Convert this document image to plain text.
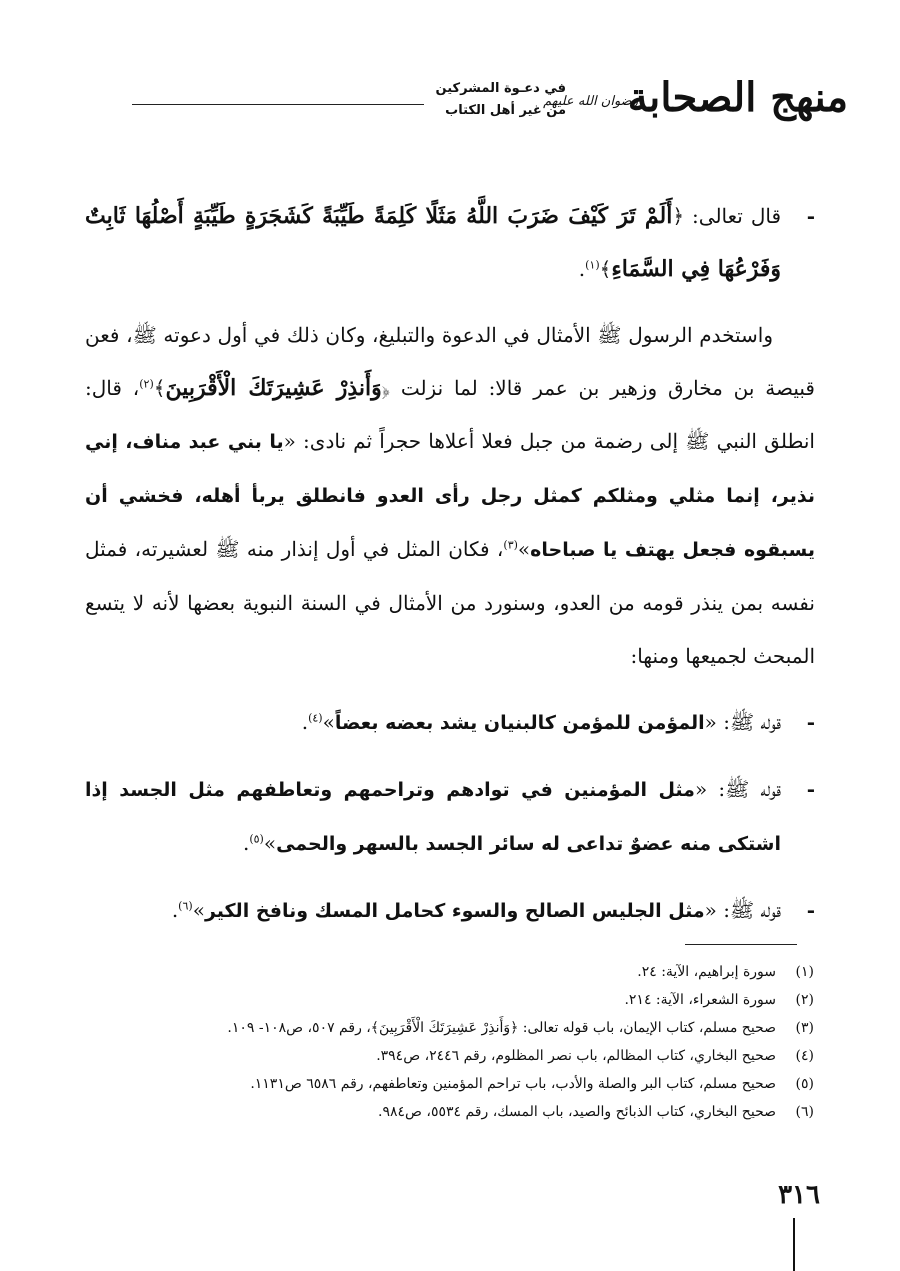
منهج الصحابة
رضوان الله عليهم
في دعـوة المشركين
من غير أهل الكتاب
-
قال تعالى: ﴿أَلَمْ تَرَ كَيْفَ ضَرَبَ اللَّهُ مَثَلًا كَلِمَةً طَيِّبَةً كَشَجَرَةٍ طَيِّبَةٍ أَصْلُهَا ثَابِتٌ وَفَرْعُهَا فِي السَّمَاءِ﴾$^{(١)}$.
واستخدم الرسول ﷺ الأمثال في الدعوة والتبليغ، وكان ذلك في أول دعوته ﷺ، فعن قبيصة بن مخارق وزهير بن عمر قالا: لما نزلت ﴿وَأَنذِرْ عَشِيرَتَكَ الْأَقْرَبِينَ﴾$^{(٢)}$، قال: انطلق النبي ﷺ إلى رضمة من جبل فعلا أعلاها حجراً ثم نادى: «يا بني عبد مناف، إني نذير، إنما مثلي ومثلكم كمثل رجل رأى العدو فانطلق يربأ أهله، فخشي أن يسبقوه فجعل يهتف يا صباحاه»$^{(٣)}$، فكان المثل في أول إنذار منه ﷺ لعشيرته، فمثل نفسه بمن ينذر قومه من العدو، وسنورد من الأمثال في السنة النبوية بعضها لأنه لا يتسع المبحث لجميعها ومنها:
-
قوله ﷺ: «المؤمن للمؤمن كالبنيان يشد بعضه بعضاً»$^{(٤)}$.
-
قوله ﷺ: «مثل المؤمنين في توادهم وتراحمهم وتعاطفهم مثل الجسد إذا اشتكى منه عضوٌ تداعى له سائر الجسد بالسهر والحمى»$^{(٥)}$.
-
قوله ﷺ: «مثل الجليس الصالح والسوء كحامل المسك ونافخ الكير»$^{(٦)}$.
(١)سورة إبراهيم، الآية: ٢٤.
(٢)سورة الشعراء، الآية: ٢١٤.
(٣)صحيح مسلم، كتاب الإيمان، باب قوله تعالى: ﴿وَأَنذِرْ عَشِيرَتَكَ الْأَقْرَبِينَ﴾، رقم ٥٠٧، ص١٠٨- ١٠٩.
(٤)صحيح البخاري، كتاب المظالم، باب نصر المظلوم، رقم ٢٤٤٦، ص٣٩٤.
(٥)صحيح مسلم، كتاب البر والصلة والأدب، باب تراحم المؤمنين وتعاطفهم، رقم ٦٥٨٦ ص١١٣١.
(٦)صحيح البخاري، كتاب الذبائح والصيد، باب المسك، رقم ٥٥٣٤، ص٩٨٤.
٣١٦
